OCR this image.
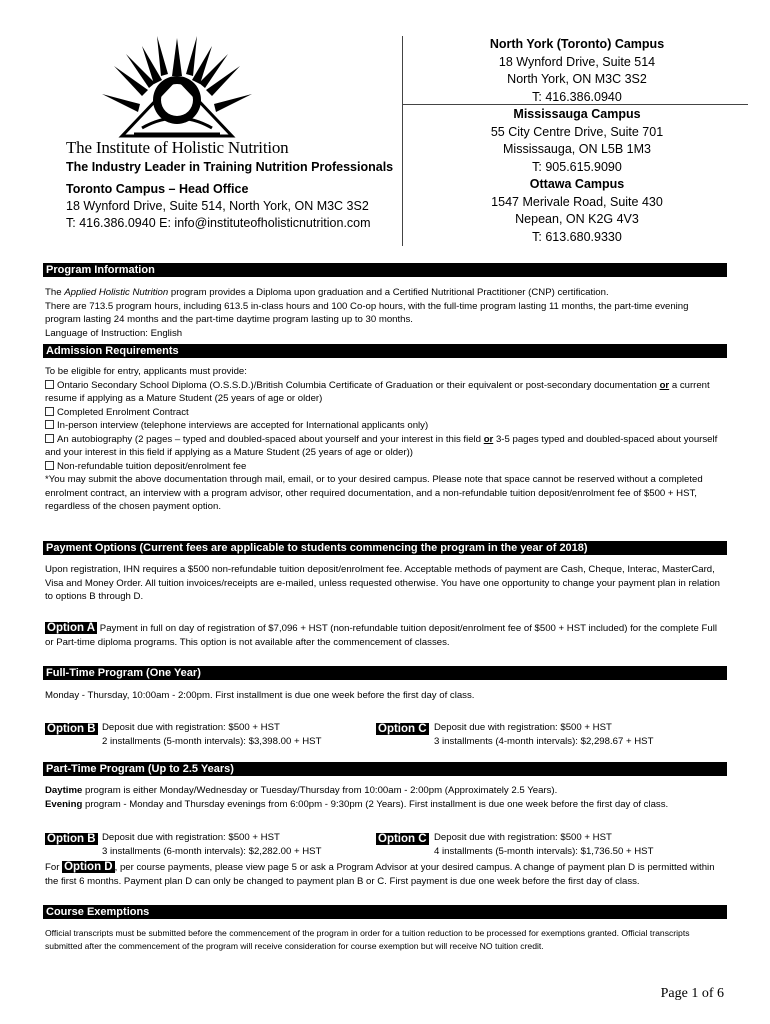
The Institute of Holistic Nutrition
The Industry Leader in Training Nutrition Professionals
Toronto Campus – Head Office
18 Wynford Drive, Suite 514, North York, ON M3C 3S2
T: 416.386.0940 E: info@instituteofholisticnutrition.com
North York (Toronto) Campus
18 Wynford Drive, Suite 514
North York, ON M3C 3S2
T: 416.386.0940
Mississauga Campus
55 City Centre Drive, Suite 701
Mississauga, ON L5B 1M3
T: 905.615.9090
Ottawa Campus
1547 Merivale Road, Suite 430
Nepean, ON K2G 4V3
T: 613.680.9330
Program Information
The Applied Holistic Nutrition program provides a Diploma upon graduation and a Certified Nutritional Practitioner (CNP) certification.
There are 713.5 program hours, including 613.5 in-class hours and 100 Co-op hours, with the full-time program lasting 11 months, the part-time evening program lasting 24 months and the part-time daytime program lasting up to 30 months.
Language of Instruction: English
Admission Requirements
To be eligible for entry, applicants must provide:
Ontario Secondary School Diploma (O.S.S.D.)/British Columbia Certificate of Graduation or their equivalent or post-secondary documentation or a current resume if applying as a Mature Student (25 years of age or older)
Completed Enrolment Contract
In-person interview (telephone interviews are accepted for International applicants only)
An autobiography (2 pages – typed and doubled-spaced about yourself and your interest in this field or 3-5 pages typed and doubled-spaced about yourself and your interest in this field if applying as a Mature Student (25 years of age or older))
Non-refundable tuition deposit/enrolment fee
*You may submit the above documentation through mail, email, or to your desired campus. Please note that space cannot be reserved without a completed enrolment contract, an interview with a program advisor, other required documentation, and a non-refundable tuition deposit/enrolment fee of $500 + HST, regardless of the chosen payment option.
Payment Options (Current fees are applicable to students commencing the program in the year of 2018)
Upon registration, IHN requires a $500 non-refundable tuition deposit/enrolment fee. Acceptable methods of payment are Cash, Cheque, Interac, MasterCard, Visa and Money Order. All tuition invoices/receipts are e-mailed, unless requested otherwise. You have one opportunity to change your payment plan in relation to options B through D.
Option A Payment in full on day of registration of $7,096 + HST (non-refundable tuition deposit/enrolment fee of $500 + HST included) for the complete Full or Part-time diploma programs. This option is not available after the commencement of classes.
Full-Time Program (One Year)
Monday - Thursday, 10:00am - 2:00pm. First installment is due one week before the first day of class.
Option B Deposit due with registration: $500 + HST
2 installments (5-month intervals): $3,398.00 + HST
Option C Deposit due with registration: $500 + HST
3 installments (4-month intervals): $2,298.67 + HST
Part-Time Program (Up to 2.5 Years)
Daytime program is either Monday/Wednesday or Tuesday/Thursday from 10:00am - 2:00pm (Approximately 2.5 Years).
Evening program - Monday and Thursday evenings from 6:00pm - 9:30pm (2 Years). First installment is due one week before the first day of class.
Option B Deposit due with registration: $500 + HST
3 installments (6-month intervals): $2,282.00 + HST
Option C Deposit due with registration: $500 + HST
4 installments (5-month intervals): $1,736.50 + HST
For Option D , per course payments, please view page 5 or ask a Program Advisor at your desired campus. A change of payment plan D is permitted within the first 6 months. Payment plan D can only be changed to payment plan B or C. First payment is due one week before the first day of class.
Course Exemptions
Official transcripts must be submitted before the commencement of the program in order for a tuition reduction to be processed for exemptions granted. Official transcripts submitted after the commencement of the program will receive consideration for course exemption but will receive NO tuition credit.
Page 1 of 6
